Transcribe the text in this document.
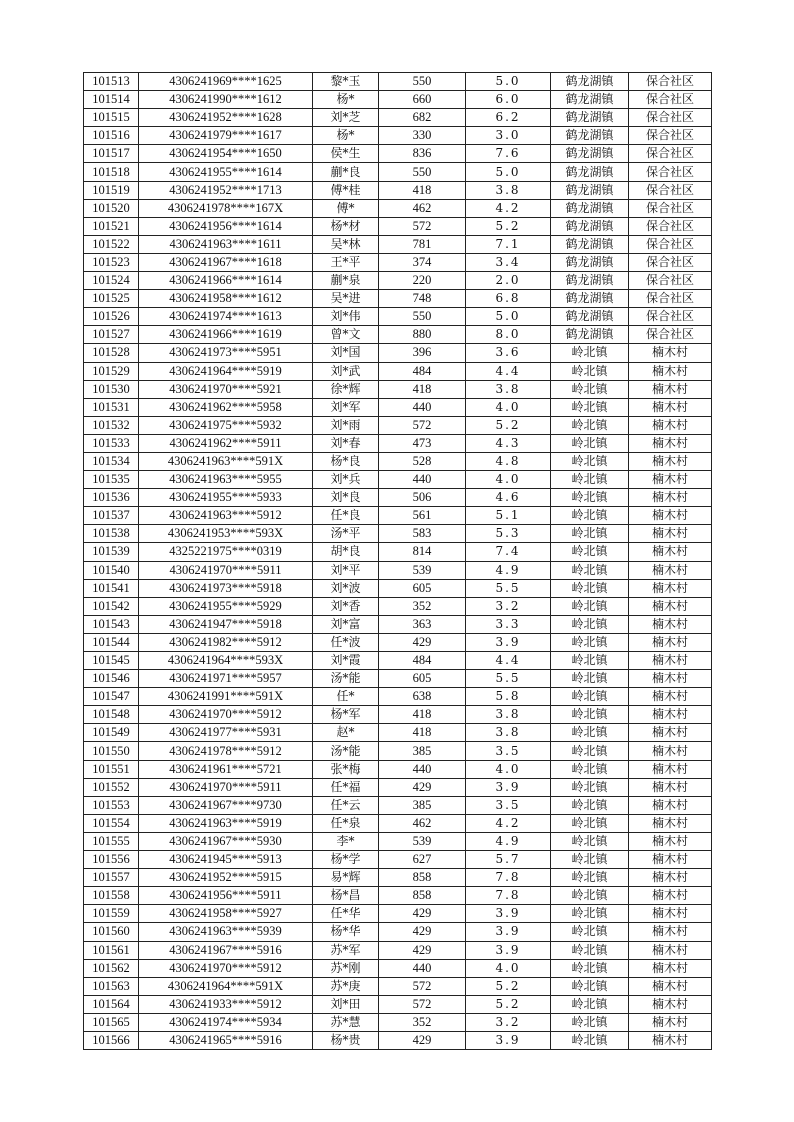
101513	4306241969****1625	黎*玉	550	5.0	鹤龙湖镇	保合社区
101514	4306241990****1612	杨*	660	6.0	鹤龙湖镇	保合社区
101515	4306241952****1628	刘*芝	682	6.2	鹤龙湖镇	保合社区
101516	4306241979****1617	杨*	330	3.0	鹤龙湖镇	保合社区
101517	4306241954****1650	侯*生	836	7.6	鹤龙湖镇	保合社区
101518	4306241955****1614	蒯*良	550	5.0	鹤龙湖镇	保合社区
101519	4306241952****1713	傅*桂	418	3.8	鹤龙湖镇	保合社区
101520	4306241978****167X	傅*	462	4.2	鹤龙湖镇	保合社区
101521	4306241956****1614	杨*材	572	5.2	鹤龙湖镇	保合社区
101522	4306241963****1611	吴*林	781	7.1	鹤龙湖镇	保合社区
101523	4306241967****1618	王*平	374	3.4	鹤龙湖镇	保合社区
101524	4306241966****1614	蒯*泉	220	2.0	鹤龙湖镇	保合社区
101525	4306241958****1612	吴*进	748	6.8	鹤龙湖镇	保合社区
101526	4306241974****1613	刘*伟	550	5.0	鹤龙湖镇	保合社区
101527	4306241966****1619	曾*文	880	8.0	鹤龙湖镇	保合社区
101528	4306241973****5951	刘*国	396	3.6	岭北镇	楠木村
101529	4306241964****5919	刘*武	484	4.4	岭北镇	楠木村
101530	4306241970****5921	徐*辉	418	3.8	岭北镇	楠木村
101531	4306241962****5958	刘*军	440	4.0	岭北镇	楠木村
101532	4306241975****5932	刘*雨	572	5.2	岭北镇	楠木村
101533	4306241962****5911	刘*春	473	4.3	岭北镇	楠木村
101534	4306241963****591X	杨*良	528	4.8	岭北镇	楠木村
101535	4306241963****5955	刘*兵	440	4.0	岭北镇	楠木村
101536	4306241955****5933	刘*良	506	4.6	岭北镇	楠木村
101537	4306241963****5912	任*良	561	5.1	岭北镇	楠木村
101538	4306241953****593X	汤*平	583	5.3	岭北镇	楠木村
101539	4325221975****0319	胡*良	814	7.4	岭北镇	楠木村
101540	4306241970****5911	刘*平	539	4.9	岭北镇	楠木村
101541	4306241973****5918	刘*波	605	5.5	岭北镇	楠木村
101542	4306241955****5929	刘*香	352	3.2	岭北镇	楠木村
101543	4306241947****5918	刘*富	363	3.3	岭北镇	楠木村
101544	4306241982****5912	任*波	429	3.9	岭北镇	楠木村
101545	4306241964****593X	刘*霞	484	4.4	岭北镇	楠木村
101546	4306241971****5957	汤*能	605	5.5	岭北镇	楠木村
101547	4306241991****591X	任*	638	5.8	岭北镇	楠木村
101548	4306241970****5912	杨*军	418	3.8	岭北镇	楠木村
101549	4306241977****5931	赵*	418	3.8	岭北镇	楠木村
101550	4306241978****5912	汤*能	385	3.5	岭北镇	楠木村
101551	4306241961****5721	张*梅	440	4.0	岭北镇	楠木村
101552	4306241970****5911	任*福	429	3.9	岭北镇	楠木村
101553	4306241967****9730	任*云	385	3.5	岭北镇	楠木村
101554	4306241963****5919	任*泉	462	4.2	岭北镇	楠木村
101555	4306241967****5930	李*	539	4.9	岭北镇	楠木村
101556	4306241945****5913	杨*学	627	5.7	岭北镇	楠木村
101557	4306241952****5915	易*辉	858	7.8	岭北镇	楠木村
101558	4306241956****5911	杨*昌	858	7.8	岭北镇	楠木村
101559	4306241958****5927	任*华	429	3.9	岭北镇	楠木村
101560	4306241963****5939	杨*华	429	3.9	岭北镇	楠木村
101561	4306241967****5916	苏*军	429	3.9	岭北镇	楠木村
101562	4306241970****5912	苏*刚	440	4.0	岭北镇	楠木村
101563	4306241964****591X	苏*庚	572	5.2	岭北镇	楠木村
101564	4306241933****5912	刘*田	572	5.2	岭北镇	楠木村
101565	4306241974****5934	苏*慧	352	3.2	岭北镇	楠木村
101566	4306241965****5916	杨*贵	429	3.9	岭北镇	楠木村
